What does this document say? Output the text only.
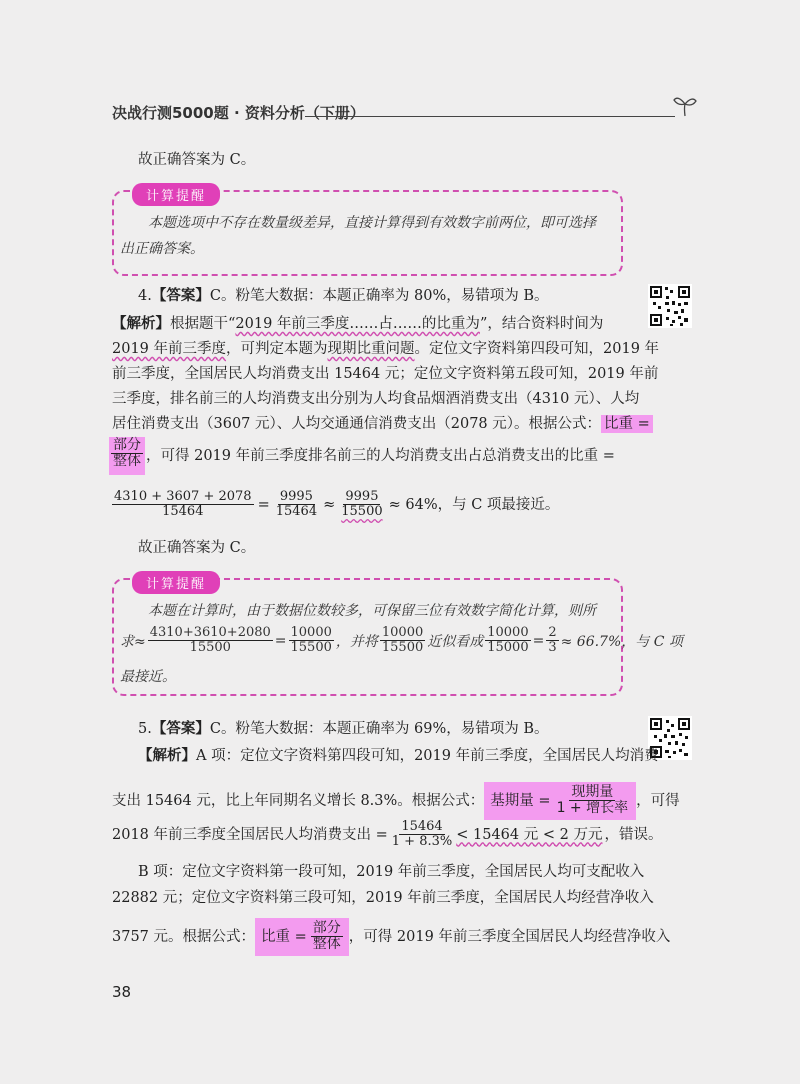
决战行测5000题 · 资料分析（下册）
故正确答案为 C。
计算提醒
本题选项中不存在数量级差异，直接计算得到有效数字前两位，即可选择
出正确答案。
4.【答案】C。粉笔大数据：本题正确率为 80%，易错项为 B。
【解析】根据题干“2019 年前三季度……占……的比重为”，结合资料时间为
2019 年前三季度，可判定本题为现期比重问题。定位文字资料第四段可知，2019 年
前三季度，全国居民人均消费支出 15464 元；定位文字资料第五段可知，2019 年前
三季度，排名前三的人均消费支出分别为人均食品烟酒消费支出（4310 元）、人均
居住消费支出（3607 元）、人均交通通信消费支出（2078 元）。根据公式： 比重 =
$\frac{\text{部分}}{\text{整体}}$ ，可得 2019 年前三季度排名前三的人均消费支出占总消费支出的比重 =
$\frac{4310 + 3607 + 2078}{15464} = \frac{9995}{15464} \approx \frac{9995}{15500} \approx 64\%$，与 C 项最接近。
故正确答案为 C。
计算提醒
本题在计算时，由于数据位数较多，可保留三位有效数字简化计算，则所
求≈ $\frac{4310+3610+2080}{15500} = \frac{10000}{15500}$ ，并将 $\frac{10000}{15500}$ 近似看成 $\frac{10000}{15000} = \frac{2}{3} \approx 66.7\%$，与 C 项
最接近。
5.【答案】C。粉笔大数据：本题正确率为 69%，易错项为 B。
【解析】A 项：定位文字资料第四段可知，2019 年前三季度，全国居民人均消费
支出 15464 元，比上年同期名义增长 8.3%。根据公式： 基期量 = $\frac{\text{现期量}}{\text{1 + 增长率}}$ ，可得
2018 年前三季度全国居民人均消费支出 = $\frac{15464}{1 + 8.3\%} < 15464$ 元 < 2 万元 ，错误。
B 项：定位文字资料第一段可知，2019 年前三季度，全国居民人均可支配收入
22882 元；定位文字资料第三段可知，2019 年前三季度，全国居民人均经营净收入
3757 元。根据公式： 比重 = $\frac{\text{部分}}{\text{整体}}$ ，可得 2019 年前三季度全国居民人均经营净收入
38
